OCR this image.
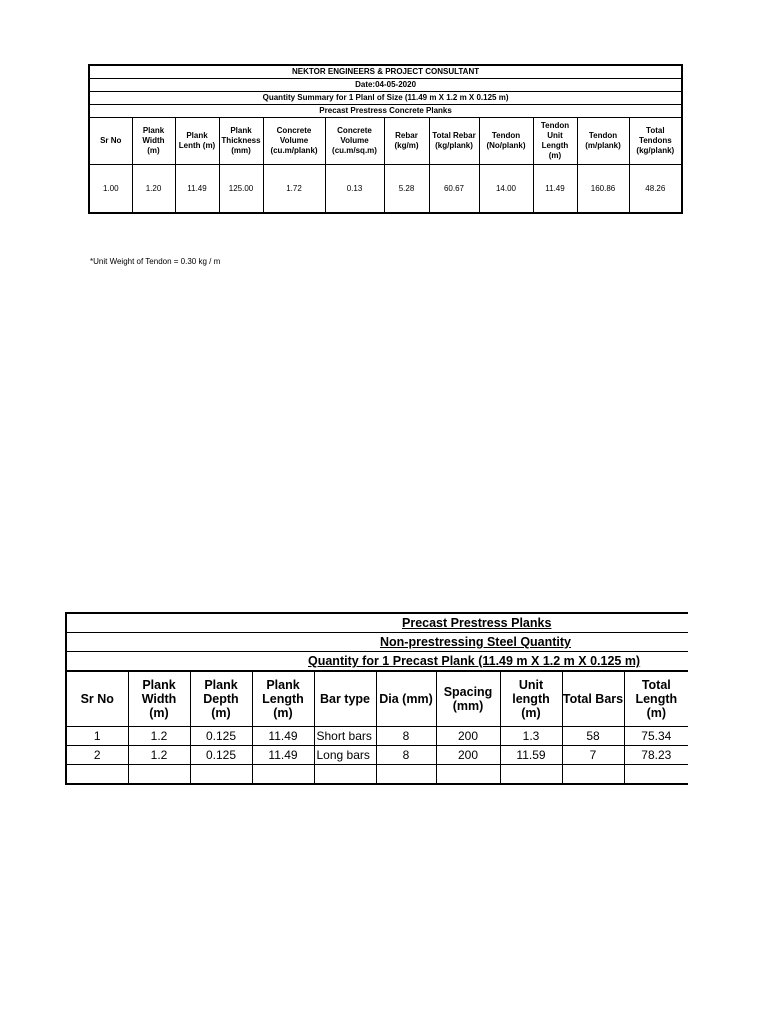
NEKTOR ENGINEERS & PROJECT CONSULTANT											
Date:04-05-2020											
Quantity Summary for 1 Planl of Size (11.49 m X 1.2 m X 0.125 m)											
Precast Prestress Concrete Planks											
Sr No	Plank
Width
(m)	Plank
Lenth (m)	Plank
Thickness
(mm)	Concrete
Volume
(cu.m/plank)	Concrete
Volume
(cu.m/sq.m)	Rebar
(kg/m)	Total Rebar
(kg/plank)	Tendon
(No/plank)	Tendon
Unit
Length
(m)	Tendon
(m/plank)	Total
Tendons
(kg/plank)
1.00	1.20	11.49	125.00	1.72	0.13	5.28	60.67	14.00	11.49	160.86	48.26
*Unit Weight of Tendon = 0.30 kg / m
Precast Prestress Planks									
Non-prestressing Steel Quantity									
Quantity for 1 Precast Plank (11.49 m X 1.2 m X 0.125 m)									
Sr No	Plank
Width
(m)	Plank
Depth
(m)	Plank
Length
(m)	Bar type	Dia (mm)	Spacing
(mm)	Unit
length
(m)	Total Bars	Total
Length
(m)
1	1.2	0.125	11.49	Short bars	8	200	1.3	58	75.34
2	1.2	0.125	11.49	Long bars	8	200	11.59	7	78.23
